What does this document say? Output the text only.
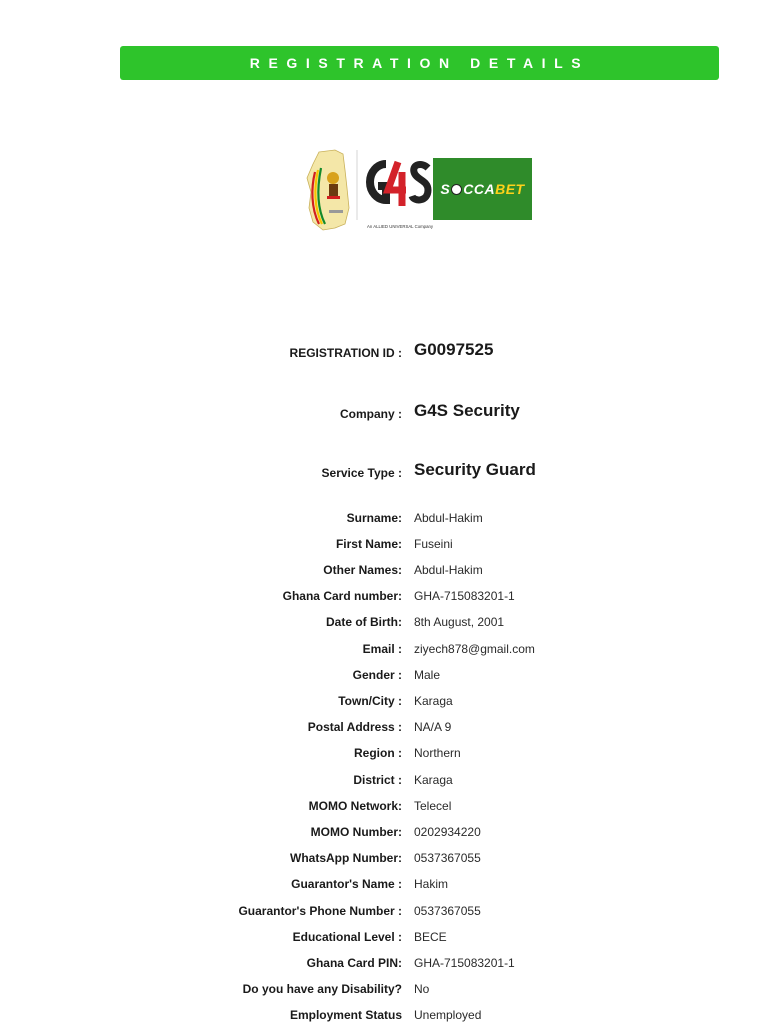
REGISTRATION DETAILS
An ALLIED UNIVERSAL Company
S CCABET
REGISTRATION ID : G0097525
Company : G4S Security
Service Type : Security Guard
Surname: Abdul-Hakim
First Name: Fuseini
Other Names: Abdul-Hakim
Ghana Card number: GHA-715083201-1
Date of Birth: 8th August, 2001
Email : ziyech878@gmail.com
Gender : Male
Town/City : Karaga
Postal Address : NA/A 9
Region : Northern
District : Karaga
MOMO Network: Telecel
MOMO Number: 0202934220
WhatsApp Number: 0537367055
Guarantor's Name : Hakim
Guarantor's Phone Number : 0537367055
Educational Level : BECE
Ghana Card PIN: GHA-715083201-1
Do you have any Disability? No
Employment Status Unemployed
